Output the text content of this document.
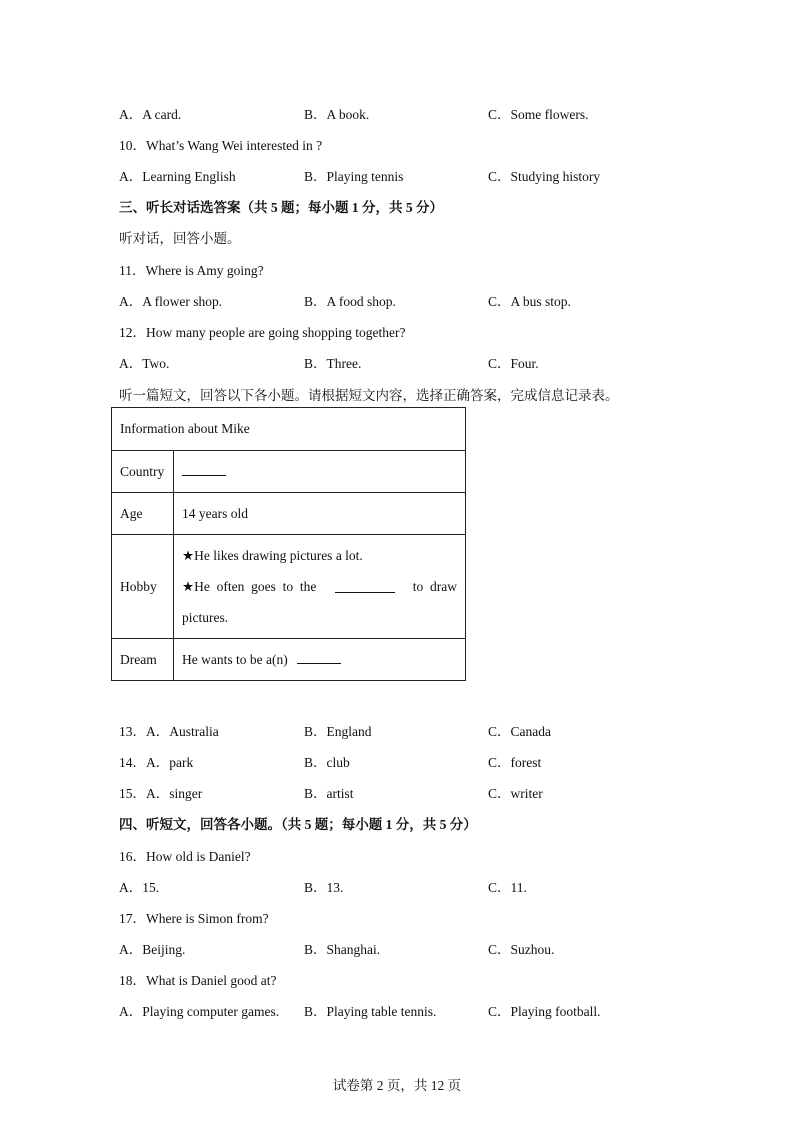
A．A card.	B．A book.	C．Some flowers.
10．What’s Wang Wei interested in ?
A．Learning English	B．Playing tennis	C．Studying history
三、听长对话选答案（共 5 题；每小题 1 分，共 5 分）
听对话，回答小题。
11．Where is Amy going?
A．A flower shop.	B．A food shop.	C．A bus stop.
12．How many people are going shopping together?
A．Two.	B．Three.	C．Four.
听一篇短文，回答以下各小题。请根据短文内容，选择正确答案，完成信息记录表。
Information about Mike	
Country	
Age	14 years old
Hobby	★He likes drawing pictures a lot.
★He  often  goes  to  the to  draw
pictures.

Dream	He wants to be a(n)
13．A．Australia	B．England	C．Canada
14．A．park	B．club	C．forest
15．A．singer	B．artist	C．writer
四、听短文，回答各小题。（共 5 题；每小题 1 分，共 5 分）
16．How old is Daniel?
A．15.	B．13.	C．11.
17．Where is Simon from?
A．Beijing.	B．Shanghai.	C．Suzhou.
18．What is Daniel good at?
A．Playing computer games. B．Playing table tennis.	C．Playing football.
试卷第 2 页，共 12 页
